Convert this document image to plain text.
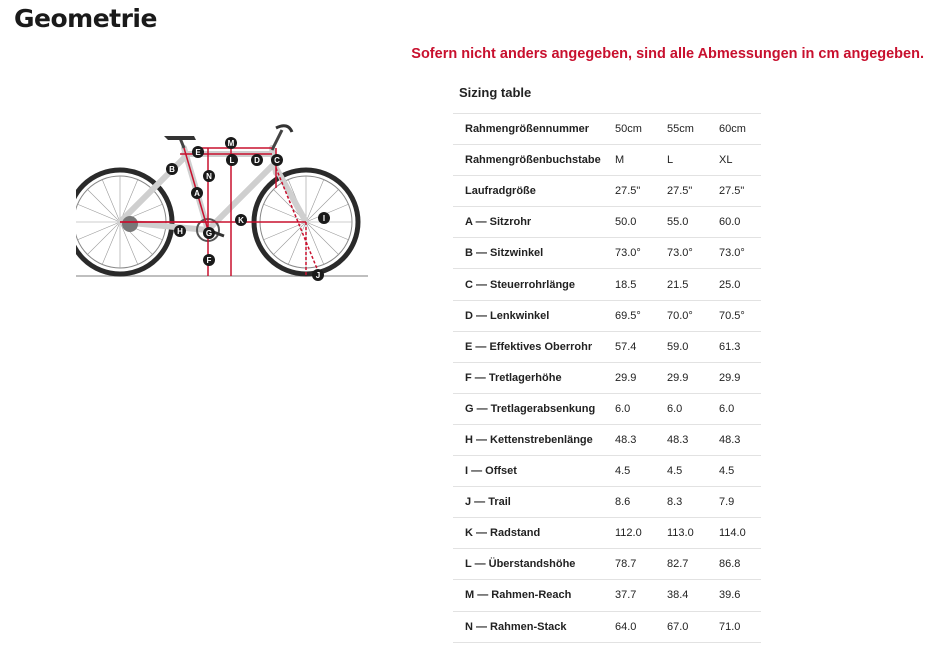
Geometrie
Sofern nicht anders angegeben, sind alle Abmessungen in cm angegeben.
M
E
L D C
B
N
A
K	I
H	G
F
J
Sizing table
Rahmengrößennummer	50cm	55cm	60cm
Rahmengrößenbuchstabe	M	L	XL
Laufradgröße	27.5"	27.5"	27.5"
A — Sitzrohr	50.0	55.0	60.0
B — Sitzwinkel	73.0°	73.0°	73.0°
C — Steuerrohrlänge	18.5	21.5	25.0
D — Lenkwinkel	69.5°	70.0°	70.5°
E — Effektives Oberrohr	57.4	59.0	61.3
F — Tretlagerhöhe	29.9	29.9	29.9
G — Tretlagerabsenkung	6.0	6.0	6.0
H — Kettenstrebenlänge	48.3	48.3	48.3
I — Offset	4.5	4.5	4.5
J — Trail	8.6	8.3	7.9
K — Radstand	112.0	113.0	114.0
L — Überstandshöhe	78.7	82.7	86.8
M — Rahmen-Reach	37.7	38.4	39.6
N — Rahmen-Stack	64.0	67.0	71.0
